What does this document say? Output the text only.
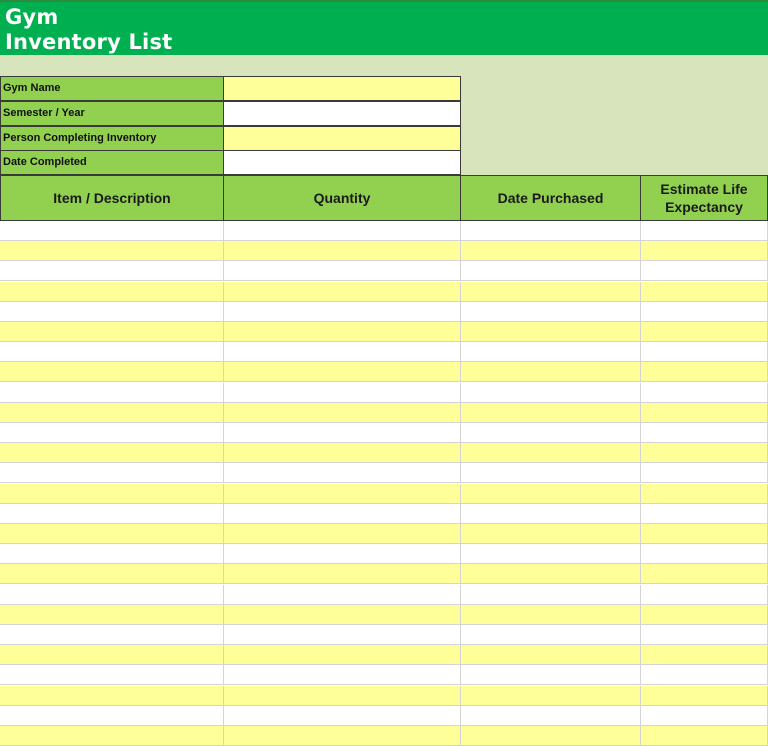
Gym
Inventory List
Gym Name
Semester / Year
Person Completing Inventory
Date Completed
Item / Description	Quantity	Date Purchased
Estimate Life Expectancy
